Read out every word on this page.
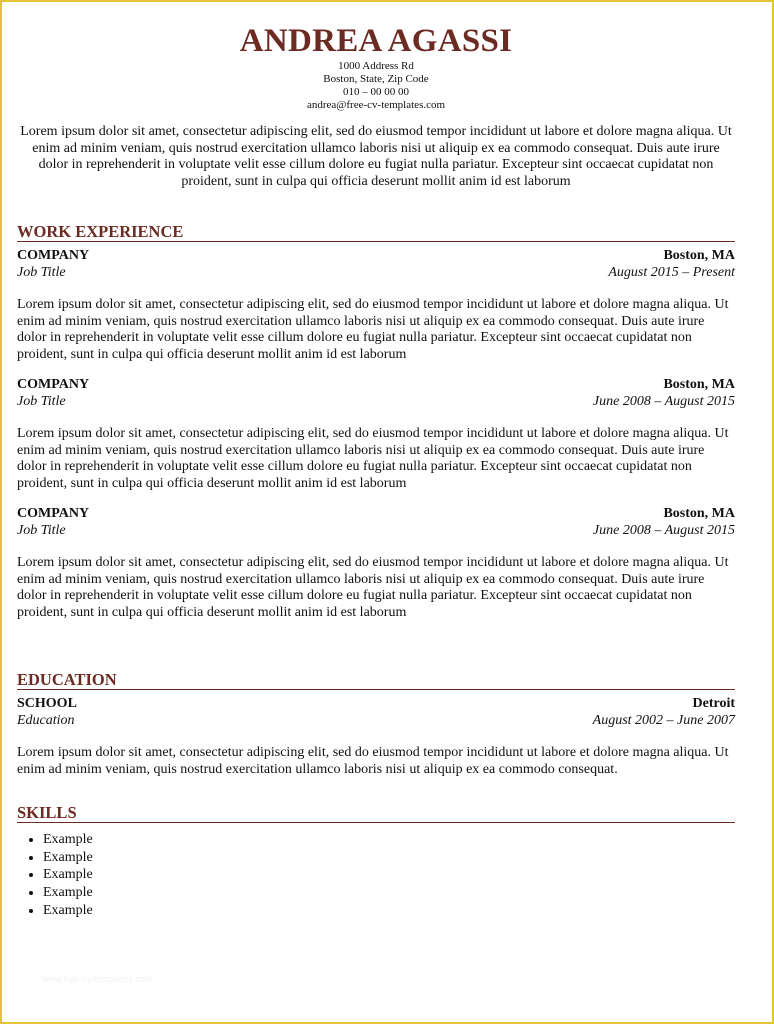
ANDREA AGASSI
1000 Address Rd
Boston, State, Zip Code
010 – 00 00 00
andrea@free-cv-templates.com
Lorem ipsum dolor sit amet, consectetur adipiscing elit, sed do eiusmod tempor incididunt ut labore et dolore magna aliqua. Ut enim ad minim veniam, quis nostrud exercitation ullamco laboris nisi ut aliquip ex ea commodo consequat. Duis aute irure dolor in reprehenderit in voluptate velit esse cillum dolore eu fugiat nulla pariatur. Excepteur sint occaecat cupidatat non proident, sunt in culpa qui officia deserunt mollit anim id est laborum
WORK EXPERIENCE
COMPANY	Boston, MA
Job Title	August 2015 – Present
Lorem ipsum dolor sit amet, consectetur adipiscing elit, sed do eiusmod tempor incididunt ut labore et dolore magna aliqua. Ut enim ad minim veniam, quis nostrud exercitation ullamco laboris nisi ut aliquip ex ea commodo consequat. Duis aute irure dolor in reprehenderit in voluptate velit esse cillum dolore eu fugiat nulla pariatur. Excepteur sint occaecat cupidatat non proident, sunt in culpa qui officia deserunt mollit anim id est laborum
COMPANY	Boston, MA
Job Title	June 2008 – August 2015
Lorem ipsum dolor sit amet, consectetur adipiscing elit, sed do eiusmod tempor incididunt ut labore et dolore magna aliqua. Ut enim ad minim veniam, quis nostrud exercitation ullamco laboris nisi ut aliquip ex ea commodo consequat. Duis aute irure dolor in reprehenderit in voluptate velit esse cillum dolore eu fugiat nulla pariatur. Excepteur sint occaecat cupidatat non proident, sunt in culpa qui officia deserunt mollit anim id est laborum
COMPANY	Boston, MA
Job Title	June 2008 – August 2015
Lorem ipsum dolor sit amet, consectetur adipiscing elit, sed do eiusmod tempor incididunt ut labore et dolore magna aliqua. Ut enim ad minim veniam, quis nostrud exercitation ullamco laboris nisi ut aliquip ex ea commodo consequat. Duis aute irure dolor in reprehenderit in voluptate velit esse cillum dolore eu fugiat nulla pariatur. Excepteur sint occaecat cupidatat non proident, sunt in culpa qui officia deserunt mollit anim id est laborum
EDUCATION
SCHOOL	Detroit
Education	August 2002 – June 2007
Lorem ipsum dolor sit amet, consectetur adipiscing elit, sed do eiusmod tempor incididunt ut labore et dolore magna aliqua. Ut enim ad minim veniam, quis nostrud exercitation ullamco laboris nisi ut aliquip ex ea commodo consequat.
SKILLS
• Example
• Example
• Example
• Example
• Example
www.free-cv-templates.com
